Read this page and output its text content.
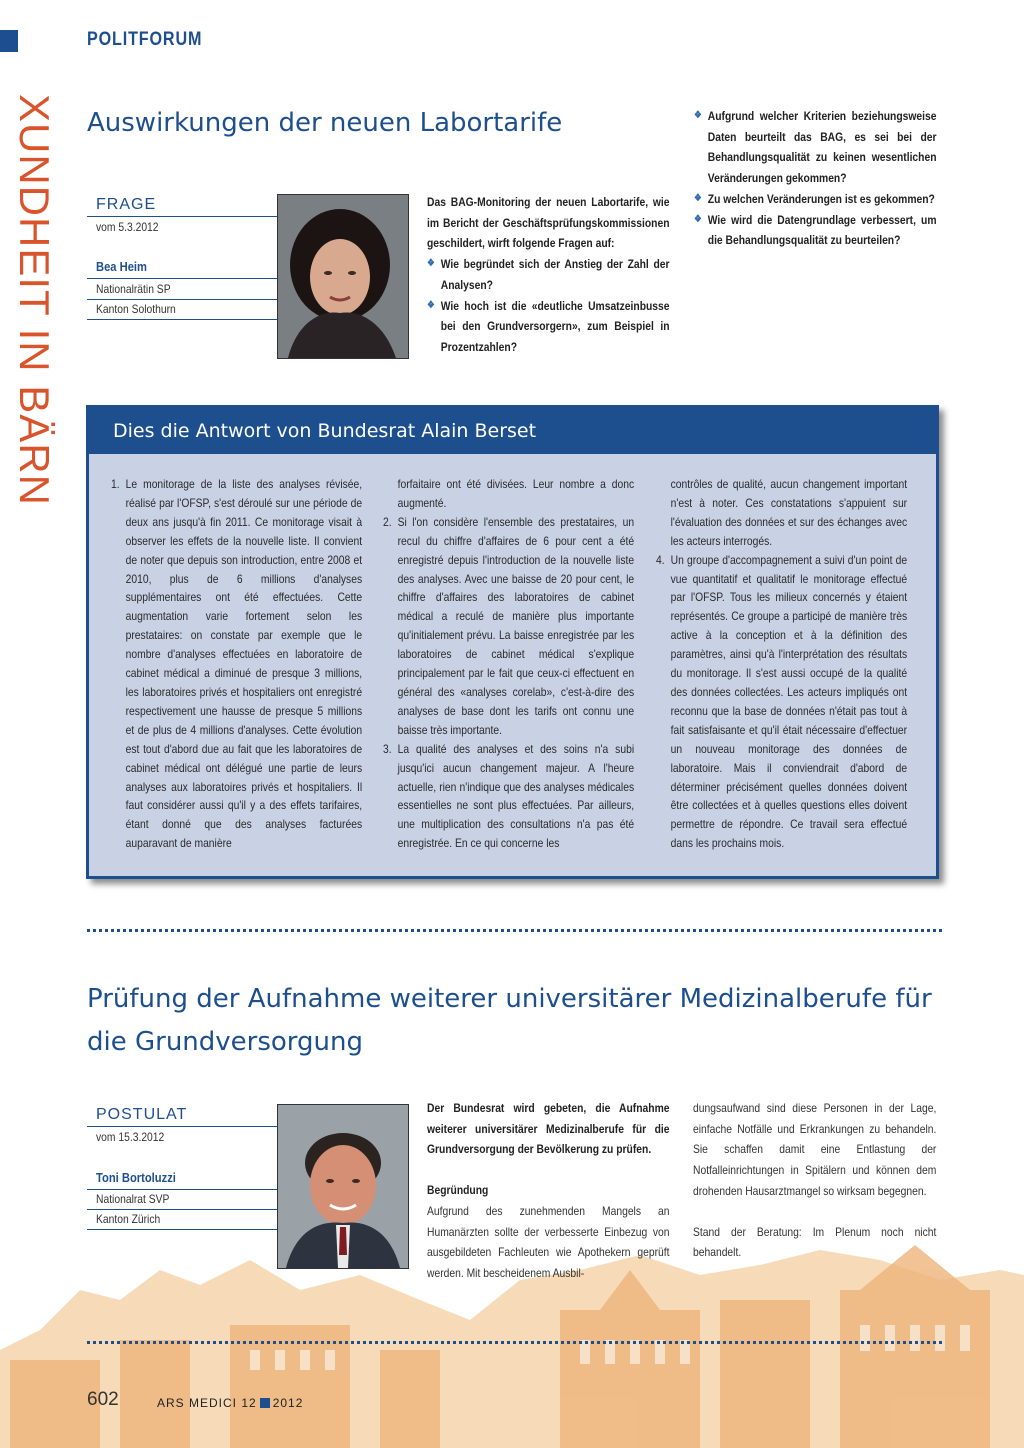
POLITFORUM
XUNDHEIT IN BÄRN Auswirkungen der neuen Labortarife
FRAGE
vom 5.3.2012
Bea Heim
Nationalrätin SP
Kanton Solothurn
Das BAG-Monitoring der neuen Labortarife, wie im Bericht der Geschäftsprüfungskommissionen geschildert, wirft folgende Fragen auf:
❖ Wie begründet sich der Anstieg der Zahl der Analysen?
❖ Wie hoch ist die «deutliche Umsatzeinbusse bei den Grundversorgern», zum Beispiel in Prozentzahlen?
❖ Aufgrund welcher Kriterien beziehungsweise Daten beurteilt das BAG, es sei bei der Behandlungsqualität zu keinen wesentlichen Veränderungen gekommen?
❖ Zu welchen Veränderungen ist es gekommen?
❖ Wie wird die Datengrundlage verbessert, um die Behandlungsqualität zu beurteilen?
Dies die Antwort von Bundesrat Alain Berset
1. Le monitorage de la liste des analyses révisée, réalisé par l'OFSP, s'est déroulé sur une période de deux ans jusqu'à fin 2011. Ce monitorage visait à observer les effets de la nouvelle liste. Il convient de noter que depuis son introduction, entre 2008 et 2010, plus de 6 millions d'analyses supplémentaires ont été effectuées. Cette augmentation varie fortement selon les prestataires: on constate par exemple que le nombre d'analyses effectuées en laboratoire de cabinet médical a diminué de presque 3 millions, les laboratoires privés et hospitaliers ont enregistré respectivement une hausse de presque 5 millions et de plus de 4 millions d'analyses. Cette évolution est tout d'abord due au fait que les laboratoires de cabinet médical ont délégué une partie de leurs analyses aux laboratoires privés et hospitaliers. Il faut considérer aussi qu'il y a des effets tarifaires, étant donné que des analyses facturées auparavant de manière
forfaitaire ont été divisées. Leur nombre a donc augmenté.
2. Si l'on considère l'ensemble des prestataires, un recul du chiffre d'affaires de 6 pour cent a été enregistré depuis l'introduction de la nouvelle liste des analyses. Avec une baisse de 20 pour cent, le chiffre d'affaires des laboratoires de cabinet médical a reculé de manière plus importante qu'initialement prévu. La baisse enregistrée par les laboratoires de cabinet médical s'explique principalement par le fait que ceux-ci effectuent en général des «analyses corelab», c'est-à-dire des analyses de base dont les tarifs ont connu une baisse très importante.
3. La qualité des analyses et des soins n'a subi jusqu'ici aucun changement majeur. A l'heure actuelle, rien n'indique que des analyses médicales essentielles ne sont plus effectuées. Par ailleurs, une multiplication des consultations n'a pas été enregistrée. En ce qui concerne les
contrôles de qualité, aucun changement important n'est à noter. Ces constatations s'appuient sur l'évaluation des données et sur des échanges avec les acteurs interrogés.
4. Un groupe d'accompagnement a suivi d'un point de vue quantitatif et qualitatif le monitorage effectué par l'OFSP. Tous les milieux concernés y étaient représentés. Ce groupe a participé de manière très active à la conception et à la définition des paramètres, ainsi qu'à l'interprétation des résultats du monitorage. Il s'est aussi occupé de la qualité des données collectées. Les acteurs impliqués ont reconnu que la base de données n'était pas tout à fait satisfaisante et qu'il était nécessaire d'effectuer un nouveau monitorage des données de laboratoire. Mais il conviendrait d'abord de déterminer précisément quelles données doivent être collectées et à quelles questions elles doivent permettre de répondre. Ce travail sera effectué dans les prochains mois.
Prüfung der Aufnahme weiterer universitärer Medizinalberufe für die Grundversorgung
POSTULAT
vom 15.3.2012
Toni Bortoluzzi
Nationalrat SVP
Kanton Zürich
Der Bundesrat wird gebeten, die Aufnahme weiterer universitärer Medizinalberufe für die Grundversorgung der Bevölkerung zu prüfen.
Begründung
Aufgrund des zunehmenden Mangels an Humanärzten sollte der verbesserte Einbezug von ausgebildeten Fachleuten wie Apothekern geprüft werden. Mit bescheidenem Ausbil-
dungsaufwand sind diese Personen in der Lage, einfache Notfälle und Erkrankungen zu behandeln. Sie schaffen damit eine Entlastung der Notfalleinrichtungen in Spitälern und können dem drohenden Hausarztmangel so wirksam begegnen.
Stand der Beratung: Im Plenum noch nicht behandelt.
602	ARS MEDICI 12 2012
